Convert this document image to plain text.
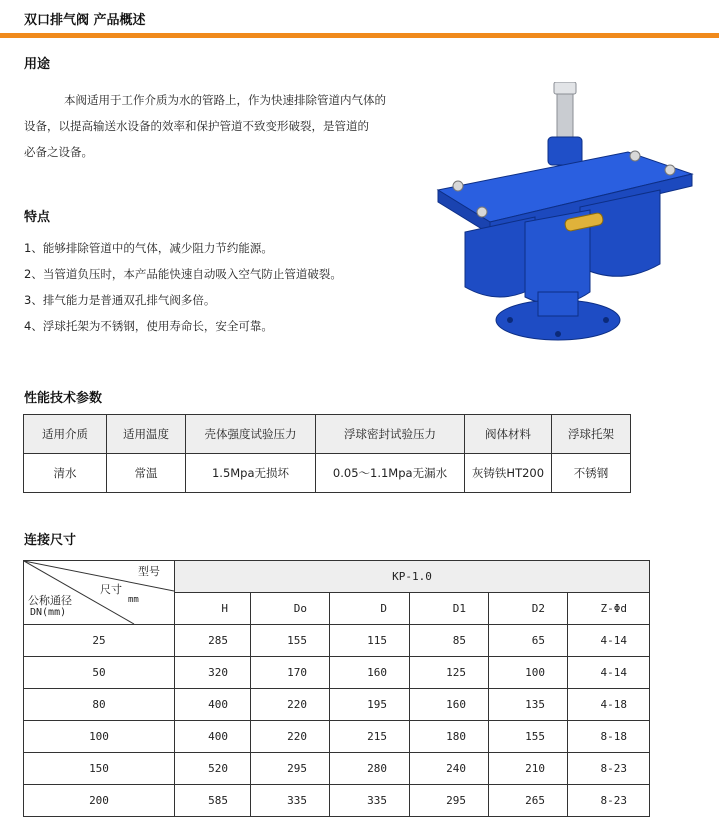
双口排气阀 产品概述
用途

本阀适用于工作介质为水的管路上，作为快速排除管道内气体的

设备，以提高输送水设备的效率和保护管道不致变形破裂，是管道的

必备之设备。

特点
1、能够排除管道中的气体，减少阻力节约能源。
2、当管道负压时，本产品能快速自动吸入空气防止管道破裂。
3、排气能力是普通双孔排气阀多倍。
4、浮球托架为不锈钢，使用寿命长，安全可靠。
性能技术参数
适用介质	适用温度	壳体强度试验压力	浮球密封试验压力	阀体材料	浮球托架
清水	常温	1.5Mpa无损坏	0.05～1.1Mpa无漏水	灰铸铁HT200	不锈钢
连接尺寸
型号
尺寸
mm
公称通径
DN(mm)	KP-1.0					
	H	Do	D	D1	D2	Z-Φd
25	285	155	115	85	65	4-14
50	320	170	160	125	100	4-14
80	400	220	195	160	135	4-18
100	400	220	215	180	155	8-18
150	520	295	280	240	210	8-23
200	585	335	335	295	265	8-23
